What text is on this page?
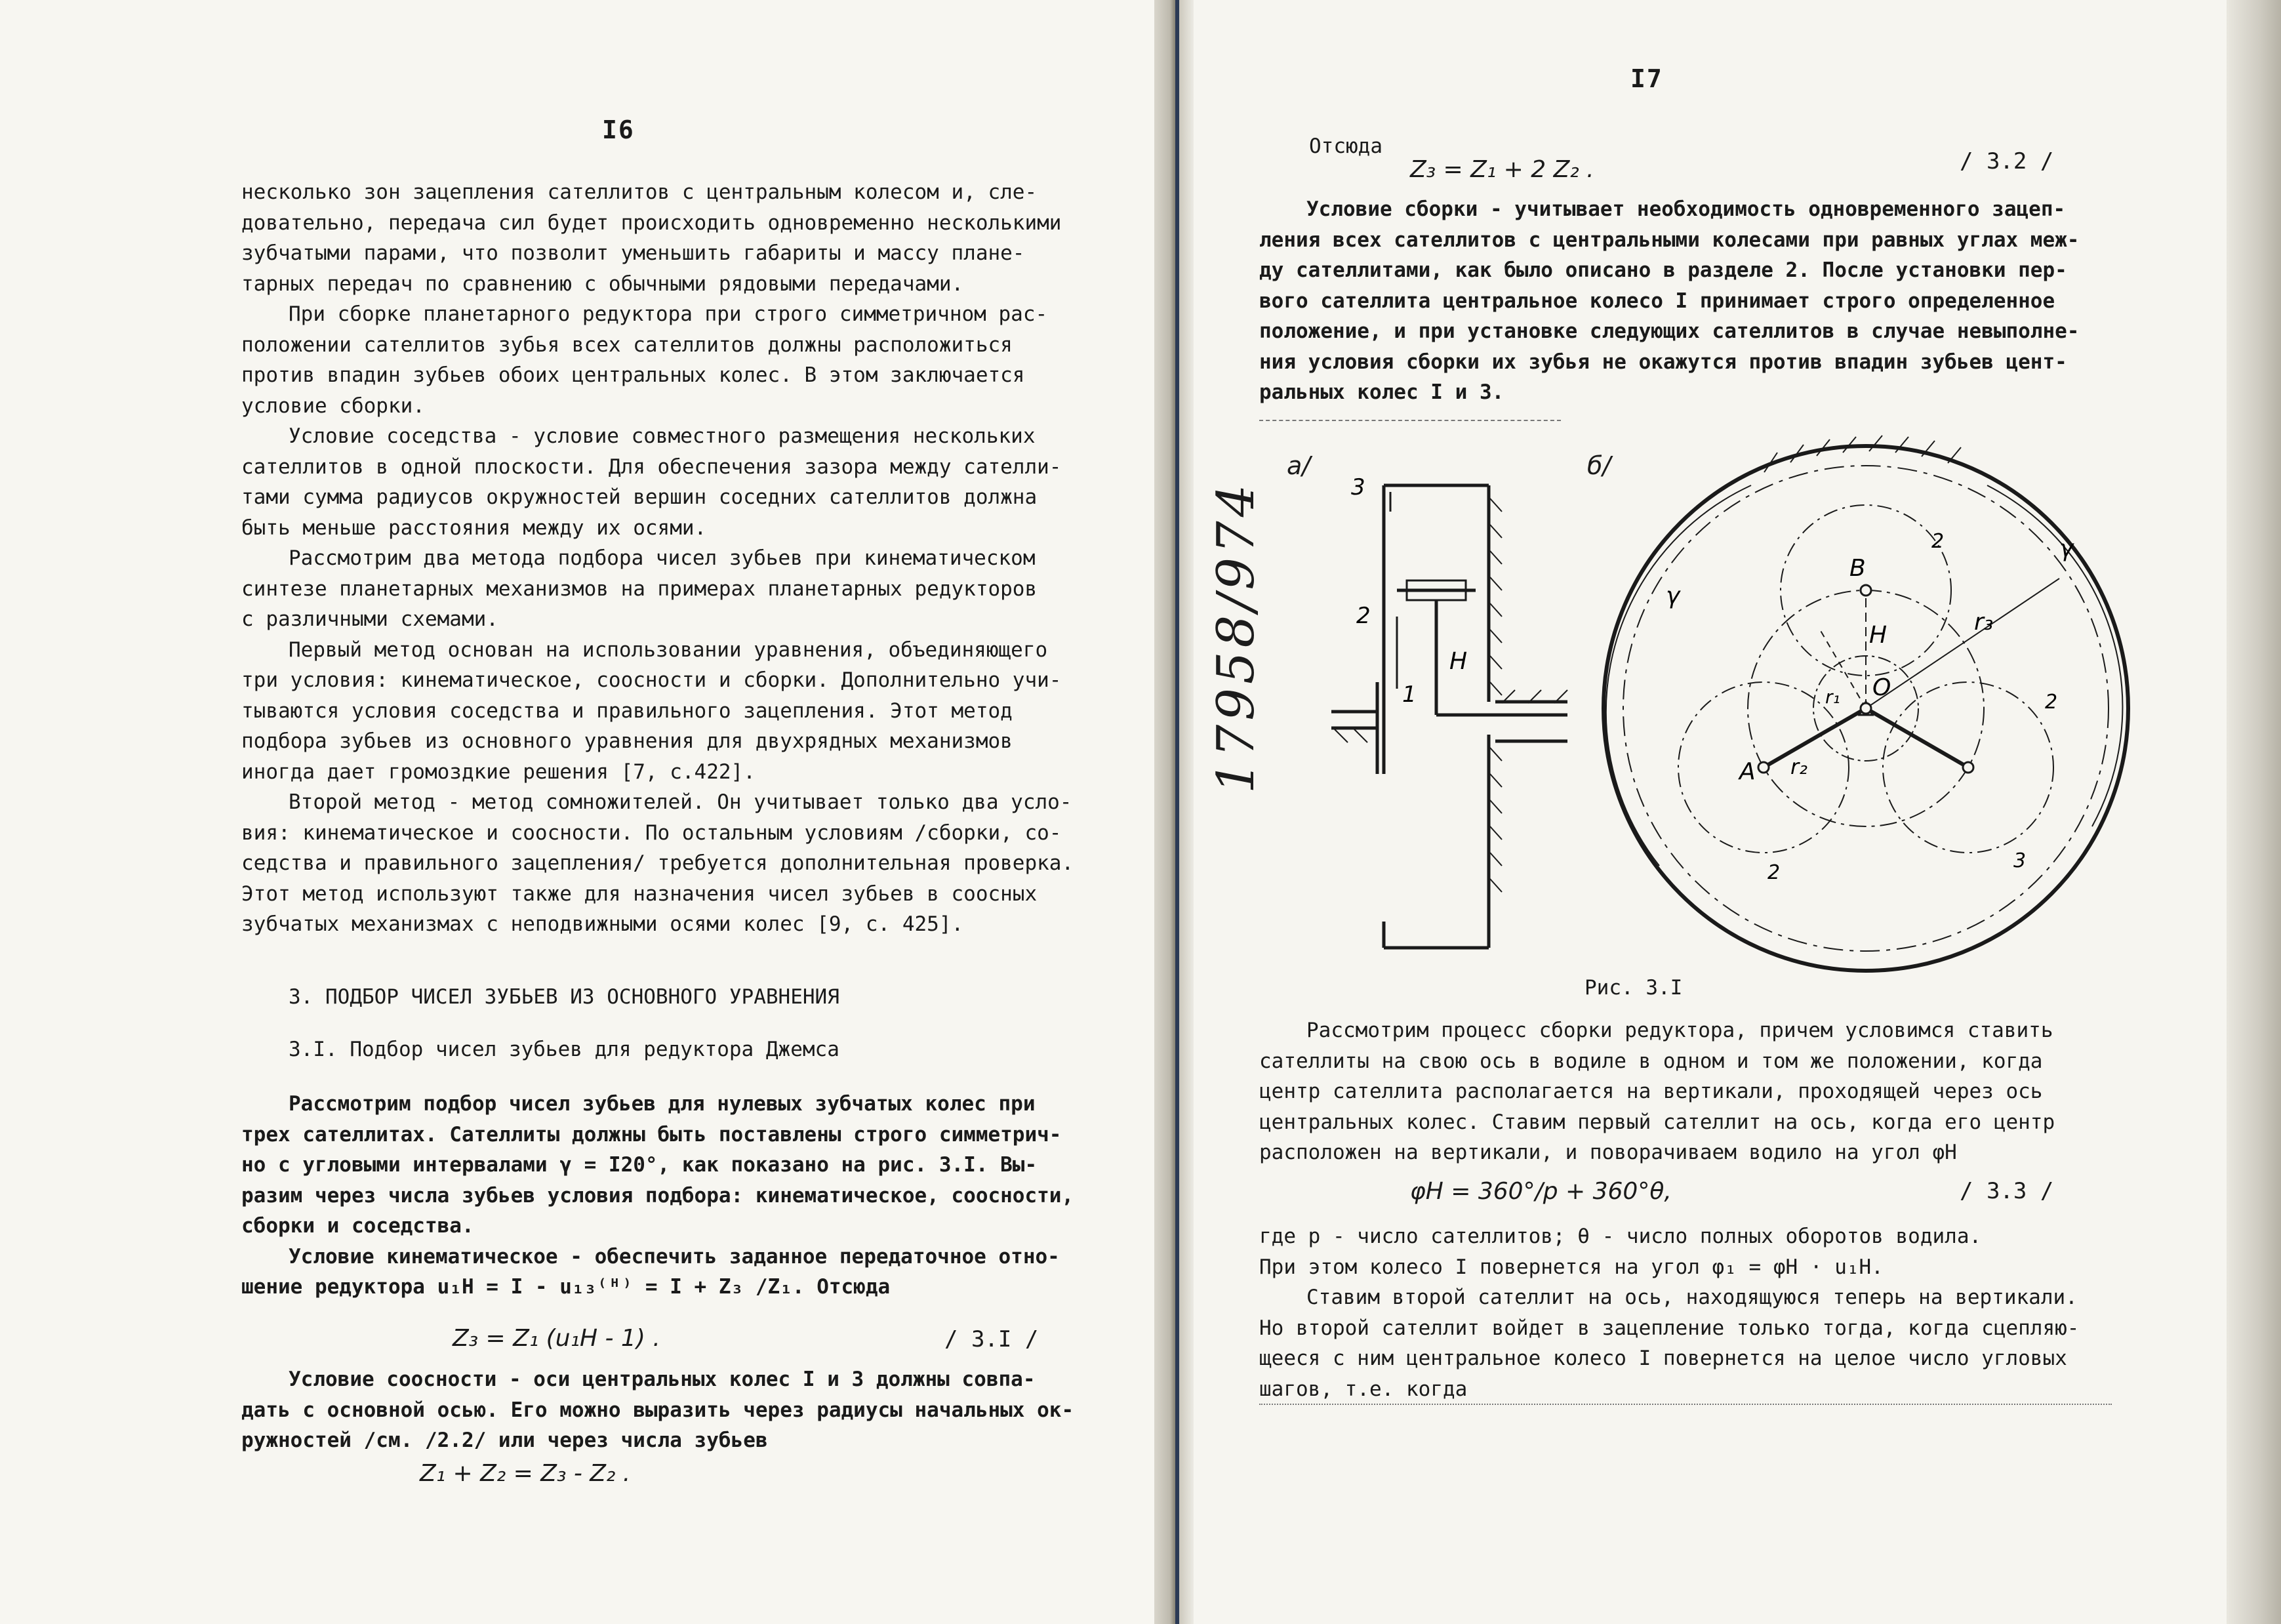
I6
несколько зон зацепления сателлитов с центральным колесом и, сле-
довательно, передача сил будет происходить одновременно несколькими
зубчатыми парами, что позволит уменьшить габариты и массу плане-
тарных передач по сравнению с обычными рядовыми передачами.
При сборке планетарного редуктора при строго симметричном рас-
положении сателлитов зубья всех сателлитов должны расположиться
против впадин зубьев обоих центральных колес. В этом заключается
условие сборки.
Условие соседства - условие совместного размещения нескольких
сателлитов в одной плоскости. Для обеспечения зазора между сателли-
тами сумма радиусов окружностей вершин соседних сателлитов должна
быть меньше расстояния между их осями.
Рассмотрим два метода подбора чисел зубьев при кинематическом
синтезе планетарных механизмов на примерах планетарных редукторов
с различными схемами.
Первый метод основан на использовании уравнения, объединяющего
три условия: кинематическое, соосности и сборки. Дополнительно учи-
тываются условия соседства и правильного зацепления. Этот метод
подбора зубьев из основного уравнения для двухрядных механизмов
иногда дает громоздкие решения [7, с.422].
Второй метод - метод сомножителей. Он учитывает только два усло-
вия: кинематическое и соосности. По остальным условиям /сборки, со-
седства и правильного зацепления/ требуется дополнительная проверка.
Этот метод используют также для назначения чисел зубьев в соосных
зубчатых механизмах с неподвижными осями колес [9, с. 425].
3. ПОДБОР ЧИСЕЛ ЗУБЬЕВ ИЗ ОСНОВНОГО УРАВНЕНИЯ
3.I. Подбор чисел зубьев для редуктора Джемса
Рассмотрим подбор чисел зубьев для нулевых зубчатых колес при
трех сателлитах. Сателлиты должны быть поставлены строго симметрич-
но с угловыми интервалами γ = I20°, как показано на рис. 3.I. Вы-
разим через числа зубьев условия подбора: кинематическое, соосности,
сборки и соседства.
Условие кинематическое - обеспечить заданное передаточное отно-
шение редуктора u₁H = I - u₁₃⁽ᴴ⁾ = I + Z₃ /Z₁. Отсюда
Z₃ = Z₁ (u₁H - 1) .	/ 3.I /
Условие соосности - оси центральных колес I и 3 должны совпа-
дать с основной осью. Его можно выразить через радиусы начальных ок-
ружностей /см. /2.2/ или через числа зубьев
Z₁ + Z₂ = Z₃ - Z₂ .
I7
Отсюда
Z₃ = Z₁ + 2 Z₂ .	/ 3.2 /
Условие сборки - учитывает необходимость одновременного зацеп-
ления всех сателлитов с центральными колесами при равных углах меж-
ду сателлитами, как было описано в разделе 2. После установки пер-
вого сателлита центральное колесо I принимает строго определенное
положение, и при установке следующих сателлитов в случае невыполне-
ния условия сборки их зубья не окажутся против впадин зубьев цент-
ральных колес I и 3.
17958/974
а/	б/
3
2
1
H
B
H
O
A
r₁
r₂
r₃
2
2
2
3
γ
γ
Рис. 3.I
Рассмотрим процесс сборки редуктора, причем условимся ставить
сателлиты на свою ось в водиле в одном и том же положении, когда
центр сателлита располагается на вертикали, проходящей через ось
центральных колес. Ставим первый сателлит на ось, когда его центр
расположен на вертикали, и поворачиваем водило на угол φH
φH = 360°/p + 360°θ,	/ 3.3 /
где p - число сателлитов; θ - число полных оборотов водила.
При этом колесо I повернется на угол φ₁ = φH · u₁H.
Ставим второй сателлит на ось, находящуюся теперь на вертикали.
Но второй сателлит войдет в зацепление только тогда, когда сцепляю-
щееся с ним центральное колесо I повернется на целое число угловых
шагов, т.е. когда
